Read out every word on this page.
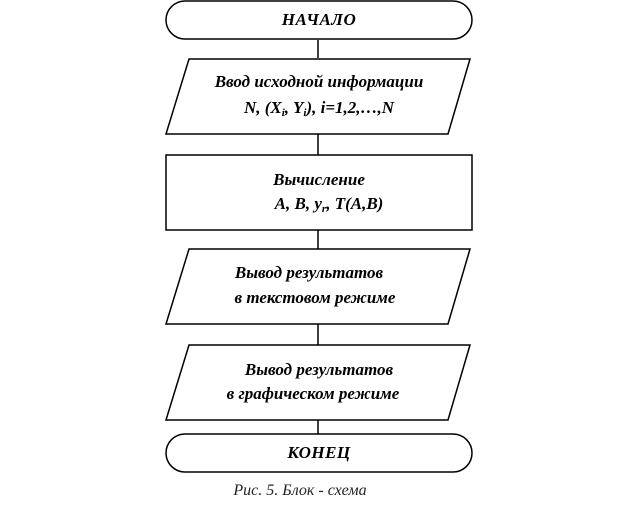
НАЧАЛО
Ввод исходной информации
N, ($X_i$, $Y_i$), i=1,2,…,N
Вычисление
A, B, $y_r$, T(A,B)
Вывод результатов
в текстовом режиме
Вывод результатов
в графическом режиме
КОНЕЦ
Рис. 5. Блок - схема
